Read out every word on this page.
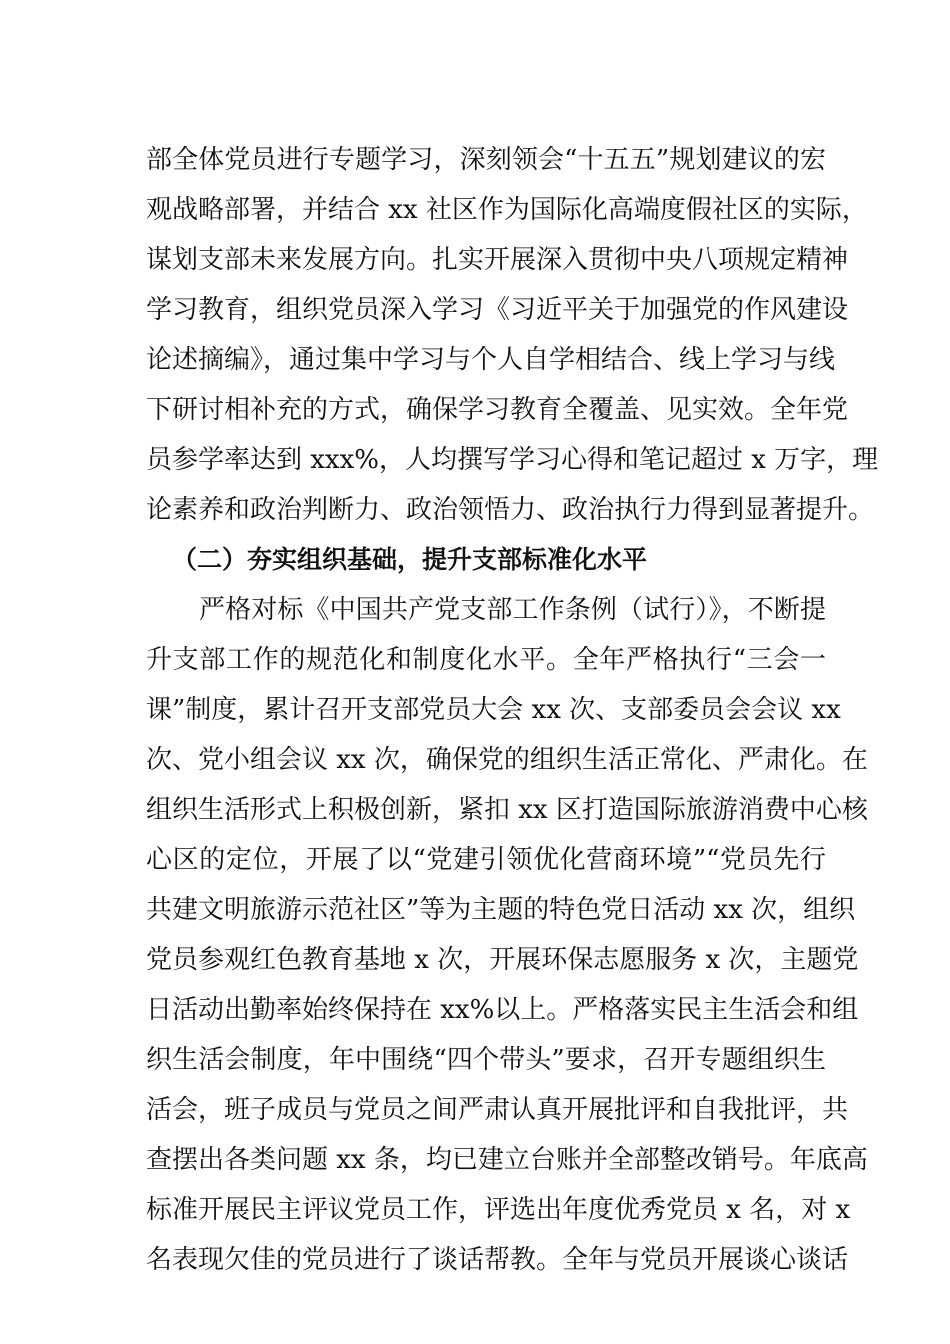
部全体党员进行专题学习，深刻领会“十五五”规划建议的宏

观战略部署，并结合 xx 社区作为国际化高端度假社区的实际，

谋划支部未来发展方向。扎实开展深入贯彻中央八项规定精神

学习教育，组织党员深入学习《习近平关于加强党的作风建设

论述摘编》，通过集中学习与个人自学相结合、线上学习与线

下研讨相补充的方式，确保学习教育全覆盖、见实效。全年党

员参学率达到 xxx%，人均撰写学习心得和笔记超过 x 万字，理

论素养和政治判断力、政治领悟力、政治执行力得到显著提升。

（二）夯实组织基础，提升支部标准化水平

严格对标《中国共产党支部工作条例（试行）》，不断提

升支部工作的规范化和制度化水平。全年严格执行“三会一

课”制度，累计召开支部党员大会 xx 次、支部委员会会议 xx

次、党小组会议 xx 次，确保党的组织生活正常化、严肃化。在

组织生活形式上积极创新，紧扣 xx 区打造国际旅游消费中心核

心区的定位，开展了以“党建引领优化营商环境”“党员先行

共建文明旅游示范社区”等为主题的特色党日活动 xx 次，组织

党员参观红色教育基地 x 次，开展环保志愿服务 x 次，主题党

日活动出勤率始终保持在 xx%以上。严格落实民主生活会和组

织生活会制度，年中围绕“四个带头”要求，召开专题组织生

活会，班子成员与党员之间严肃认真开展批评和自我批评，共

查摆出各类问题 xx 条，均已建立台账并全部整改销号。年底高

标准开展民主评议党员工作，评选出年度优秀党员 x 名，对 x

名表现欠佳的党员进行了谈话帮教。全年与党员开展谈心谈话
